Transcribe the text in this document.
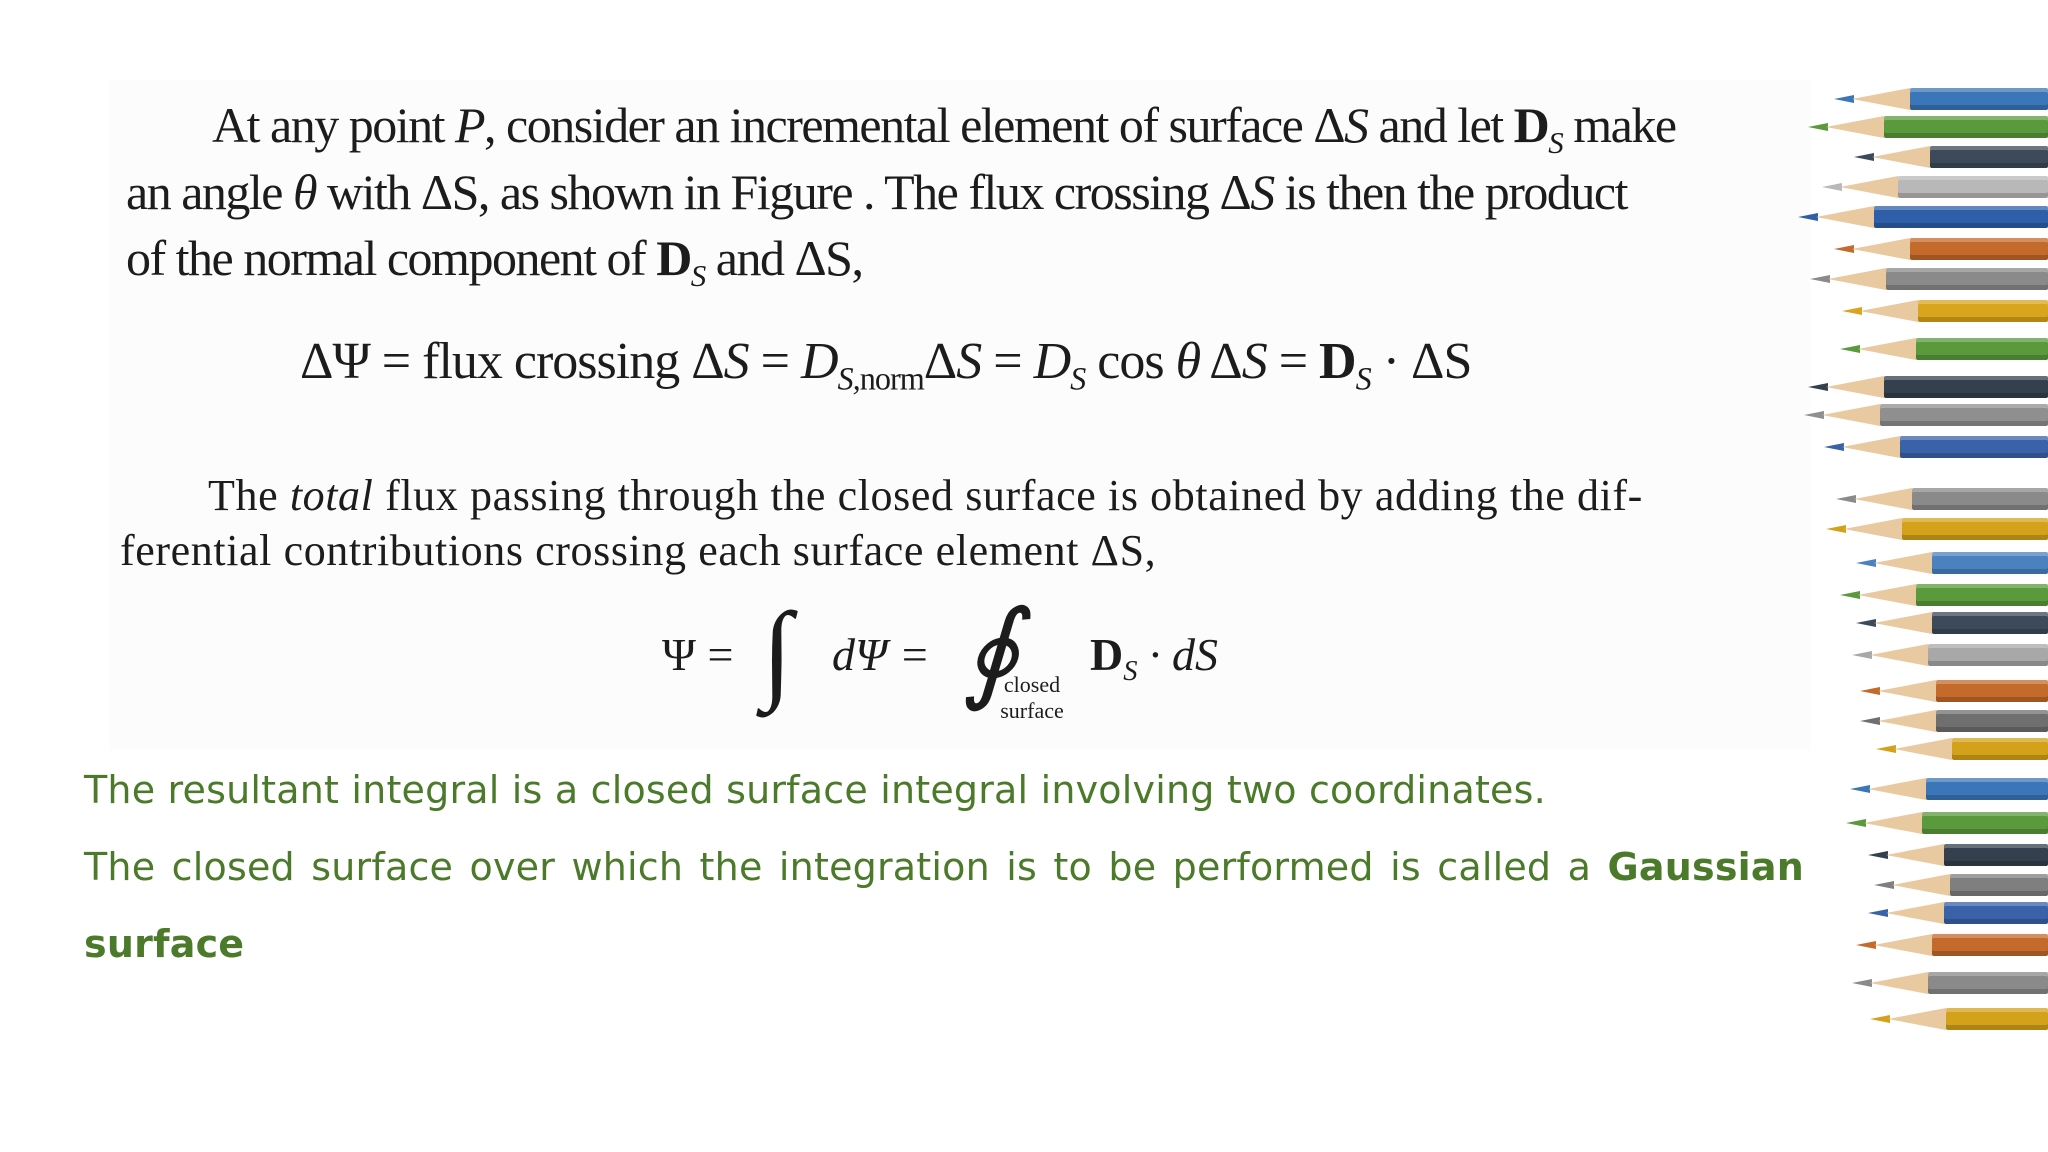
At any point P, consider an incremental element of surface ΔS and let $D_S$ make
an angle θ with ΔS, as shown in Figure . The flux crossing ΔS is then the product
of the normal component of $D_S$ and ΔS,
ΔΨ = flux crossing $\Delta S = D_{S,norm}\Delta S = D_S$ cos θ $\Delta S = D_S \cdot \Delta S$
The total flux passing through the closed surface is obtained by adding the dif-
ferential contributions crossing each surface element ΔS,
Ψ = ∫ dΨ = ∮
closed
surface
$D_S$ · dS
The resultant integral is a closed surface integral involving two coordinates.
The closed surface over which the integration is to be performed is called a Gaussian
surface
